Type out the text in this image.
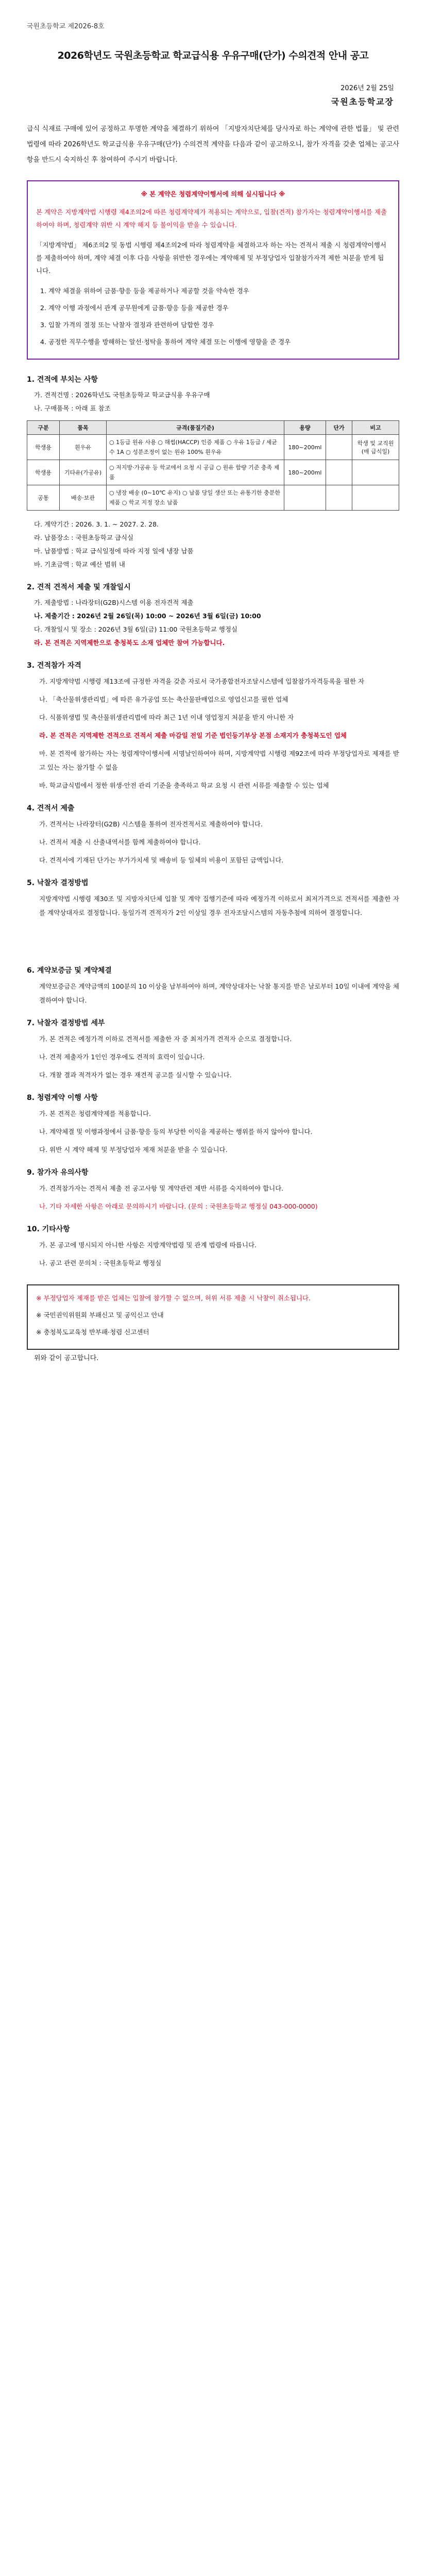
국원초등학교 제2026-8호
2026학년도 국원초등학교 학교급식용 우유구매(단가) 수의견적 안내 공고
2026년 2월 25일
국원초등학교장

급식 식재료 구매에 있어 공정하고 투명한 계약을 체결하기 위하여 「지방자치단체를 당사자로 하는 계약에 관한 법률」 및 관련 법령에 따라 2026학년도 학교급식용 우유구매(단가) 수의견적 계약을 다음과 같이 공고하오니, 참가 자격을 갖춘 업체는 공고사항을 반드시 숙지하신 후 참여하여 주시기 바랍니다.

※ 본 계약은 청렴계약이행서에 의해 실시됩니다 ※

본 계약은 지방계약법 시행령 제4조의2에 따른 청렴계약제가 적용되는 계약으로, 입찰(견적) 참가자는 청렴계약이행서를 제출하여야 하며, 청렴계약 위반 시 계약 해지 등 불이익을 받을 수 있습니다.

「지방계약법」 제6조의2 및 동법 시행령 제4조의2에 따라 청렴계약을 체결하고자 하는 자는 견적서 제출 시 청렴계약이행서를 제출하여야 하며, 계약 체결 이후 다음 사항을 위반한 경우에는 계약해제 및 부정당업자 입찰참가자격 제한 처분을 받게 됩니다.

1. 계약 체결을 위하여 금품·향응 등을 제공하거나 제공할 것을 약속한 경우
2. 계약 이행 과정에서 관계 공무원에게 금품·향응 등을 제공한 경우
3. 입찰 가격의 결정 또는 낙찰자 결정과 관련하여 담합한 경우
4. 공정한 직무수행을 방해하는 알선·청탁을 통하여 계약 체결 또는 이행에 영향을 준 경우
1. 견적에 부치는 사항
가. 견적건명 : 2026학년도 국원초등학교 학교급식용 우유구매
나. 구매품목 : 아래 표 참조
구분	품목	규격(품질기준)	용량	단가	비고
학생용	흰우유	○ 1등급 원유 사용 ○ 해썹(HACCP) 인증 제품 ○ 우유 1등급 / 세균수 1A ○ 성분조정이 없는 원유 100% 흰우유	180~200ml		학생 및 교직원 (매 급식일)
학생용	기타유(가공유)	○ 저지방·가공유 등 학교에서 요청 시 공급 ○ 원유 함량 기준 충족 제품	180~200ml		
공통	배송·보관	○ 냉장 배송 (0~10℃ 유지) ○ 납품 당일 생산 또는 유통기한 충분한 제품 ○ 학교 지정 장소 납품			
다. 계약기간 : 2026. 3. 1. ~ 2027. 2. 28.
라. 납품장소 : 국원초등학교 급식실
마. 납품방법 : 학교 급식일정에 따라 지정 일에 냉장 납품
바. 기초금액 : 학교 예산 범위 내
2. 견적 견적서 제출 및 개찰일시
가. 제출방법 : 나라장터(G2B)시스템 이용 전자견적 제출
나. 제출기간 : 2026년 2월 26일(목) 10:00 ~ 2026년 3월 6일(금) 10:00
다. 개찰일시 및 장소 : 2026년 3월 6일(금) 11:00 국원초등학교 행정실
라. 본 견적은 지역제한으로 충청북도 소재 업체만 참여 가능합니다.
3. 견적참가 자격
가. 지방계약법 시행령 제13조에 규정한 자격을 갖춘 자로서 국가종합전자조달시스템에 입찰참가자격등록을 필한 자
나. 「축산물위생관리법」에 따른 유가공업 또는 축산물판매업으로 영업신고를 필한 업체
다. 식품위생법 및 축산물위생관리법에 따라 최근 1년 이내 영업정지 처분을 받지 아니한 자
라. 본 견적은 지역제한 견적으로 견적서 제출 마감일 전일 기준 법인등기부상 본점 소재지가 충청북도인 업체
마. 본 견적에 참가하는 자는 청렴계약이행서에 서명날인하여야 하며, 지방계약법 시행령 제92조에 따라 부정당업자로 제재를 받고 있는 자는 참가할 수 없음
바. 학교급식법에서 정한 위생·안전 관리 기준을 충족하고 학교 요청 시 관련 서류를 제출할 수 있는 업체
4. 견적서 제출
가. 견적서는 나라장터(G2B) 시스템을 통하여 전자견적서로 제출하여야 합니다.
나. 견적서 제출 시 산출내역서를 함께 제출하여야 합니다.
다. 견적서에 기재된 단가는 부가가치세 및 배송비 등 일체의 비용이 포함된 금액입니다.
5. 낙찰자 결정방법
지방계약법 시행령 제30조 및 지방자치단체 입찰 및 계약 집행기준에 따라 예정가격 이하로서 최저가격으로 견적서를 제출한 자를 계약상대자로 결정합니다. 동일가격 견적자가 2인 이상일 경우 전자조달시스템의 자동추첨에 의하여 결정합니다.
6. 계약보증금 및 계약체결
계약보증금은 계약금액의 100분의 10 이상을 납부하여야 하며, 계약상대자는 낙찰 통지를 받은 날로부터 10일 이내에 계약을 체결하여야 합니다.
7. 낙찰자 결정방법 세부
가. 본 견적은 예정가격 이하로 견적서를 제출한 자 중 최저가격 견적자 순으로 결정합니다.
나. 견적 제출자가 1인인 경우에도 견적의 효력이 있습니다.
다. 개찰 결과 적격자가 없는 경우 재견적 공고를 실시할 수 있습니다.
8. 청렴계약 이행 사항
가. 본 견적은 청렴계약제를 적용합니다.
나. 계약체결 및 이행과정에서 금품·향응 등의 부당한 이익을 제공하는 행위를 하지 않아야 합니다.
다. 위반 시 계약 해제 및 부정당업자 제재 처분을 받을 수 있습니다.
9. 참가자 유의사항
가. 견적참가자는 견적서 제출 전 공고사항 및 계약관련 제반 서류를 숙지하여야 합니다.
나. 기타 자세한 사항은 아래로 문의하시기 바랍니다. (문의 : 국원초등학교 행정실 043-000-0000)
10. 기타사항
가. 본 공고에 명시되지 아니한 사항은 지방계약법령 및 관계 법령에 따릅니다.
나. 공고 관련 문의처 : 국원초등학교 행정실

※ 부정당업자 제재를 받은 업체는 입찰에 참가할 수 없으며, 허위 서류 제출 시 낙찰이 취소됩니다.

※ 국민권익위원회 부패신고 및 공익신고 안내

※ 충청북도교육청 반부패·청렴 신고센터

위와 같이 공고합니다.
